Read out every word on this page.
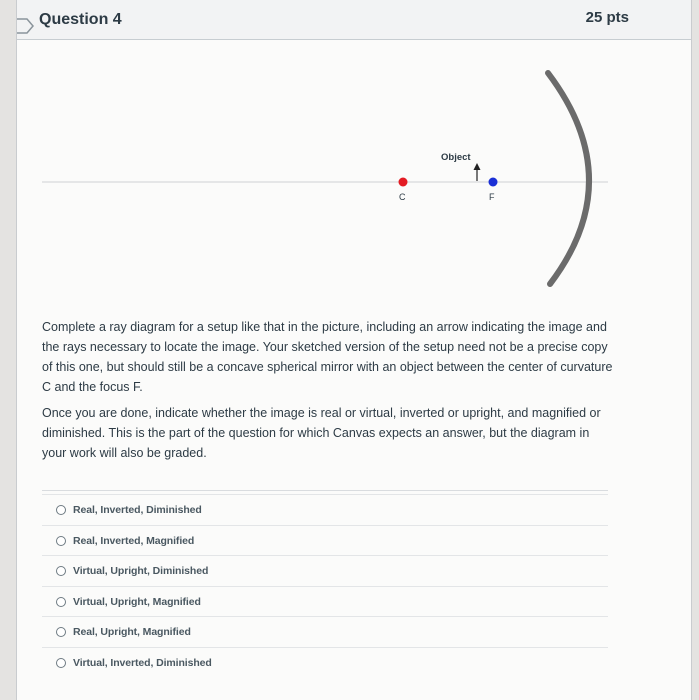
Question 4	25 pts
Object
C	F
Complete a ray diagram for a setup like that in the picture, including an arrow indicating the image and the rays necessary to locate the image. Your sketched version of the setup need not be a precise copy of this one, but should still be a concave spherical mirror with an object between the center of curvature C and the focus F.
Once you are done, indicate whether the image is real or virtual, inverted or upright, and magnified or diminished. This is the part of the question for which Canvas expects an answer, but the diagram in your work will also be graded.
Real, Inverted, Diminished
Real, Inverted, Magnified
Virtual, Upright, Diminished
Virtual, Upright, Magnified
Real, Upright, Magnified
Virtual, Inverted, Diminished
